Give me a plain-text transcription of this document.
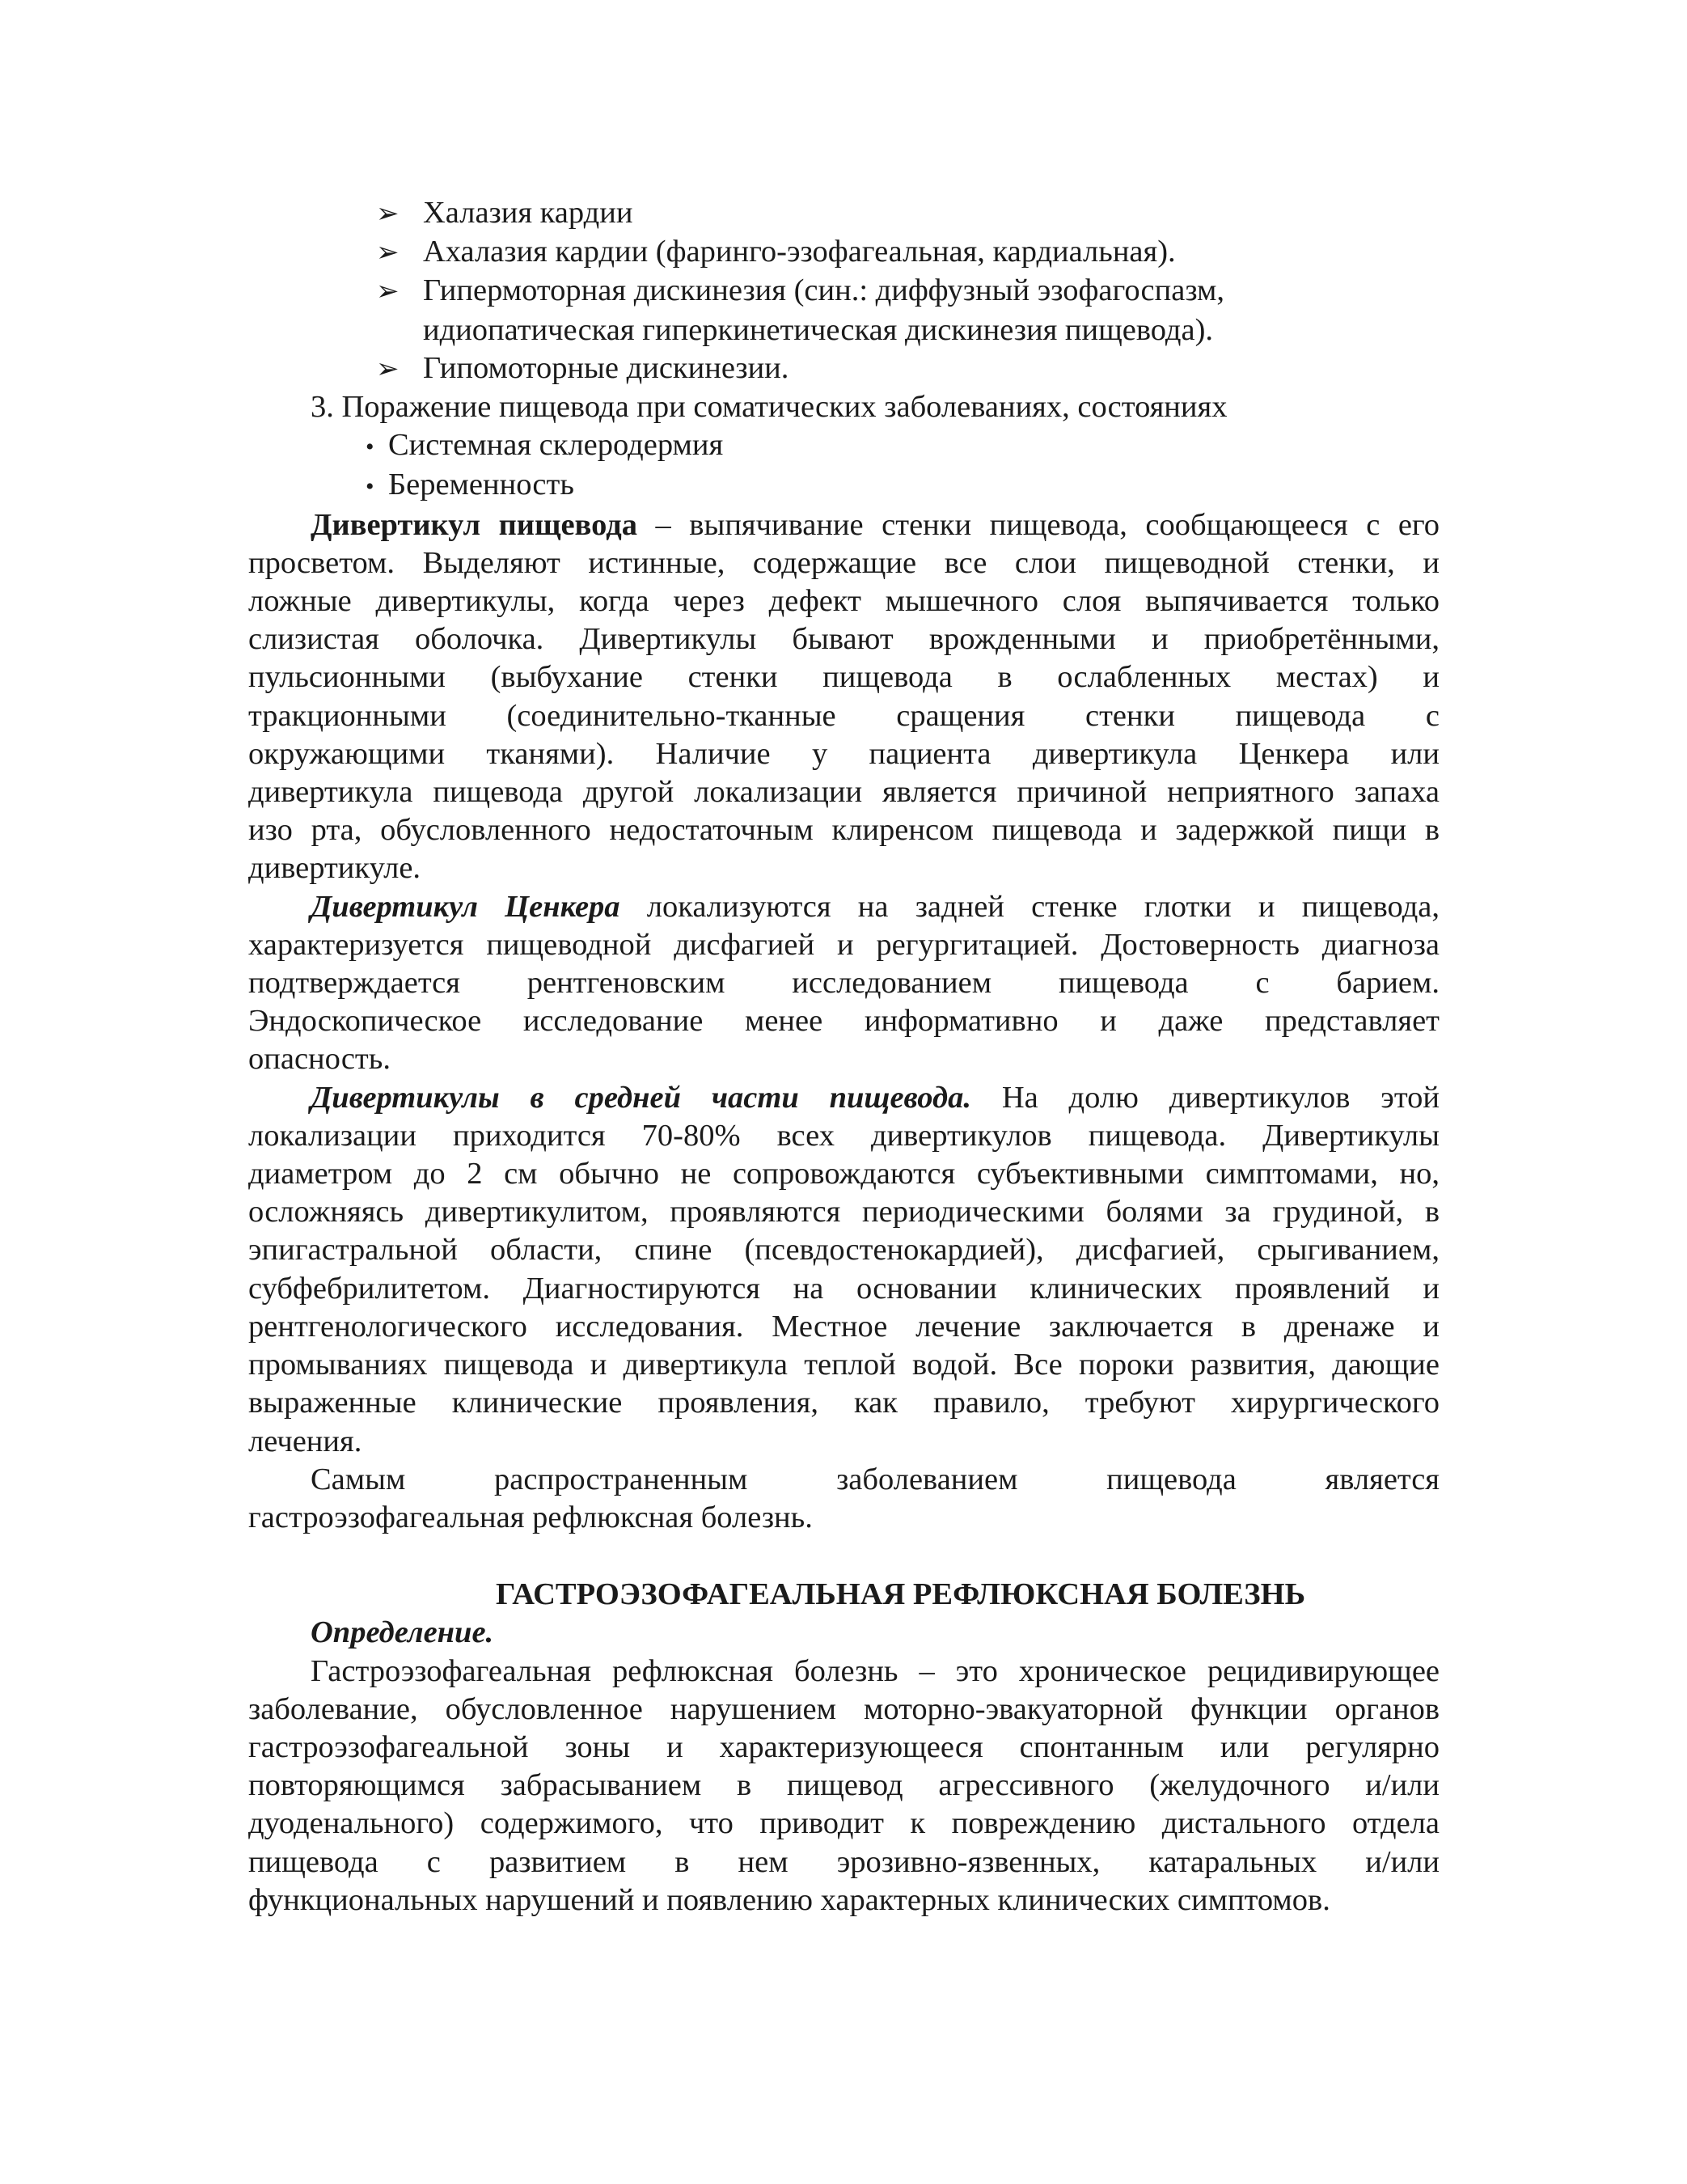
➢ Халазия кардии
➢ Ахалазия кардии (фаринго-эзофагеальная, кардиальная).
➢ Гипермоторная дискинезия (син.: диффузный эзофагоспазм,
идиопатическая гиперкинетическая дискинезия пищевода).
➢ Гипомоторные дискинезии.
3. Поражение пищевода при соматических заболеваниях, состояниях
• Системная склеродермия
• Беременность
Дивертикул пищевода – выпячивание стенки пищевода, сообщающееся с его
просветом. Выделяют истинные, содержащие все слои пищеводной стенки, и
ложные дивертикулы, когда через дефект мышечного слоя выпячивается только
слизистая оболочка. Дивертикулы бывают врожденными и приобретёнными,
пульсионными (выбухание стенки пищевода в ослабленных местах) и
тракционными (соединительно-тканные сращения стенки пищевода с
окружающими тканями). Наличие у пациента дивертикула Ценкера или
дивертикула пищевода другой локализации является причиной неприятного запаха
изо рта, обусловленного недостаточным клиренсом пищевода и задержкой пищи в
дивертикуле.
Дивертикул Ценкера локализуются на задней стенке глотки и пищевода,
характеризуется пищеводной дисфагией и регургитацией. Достоверность диагноза
подтверждается рентгеновским исследованием пищевода с барием.
Эндоскопическое исследование менее информативно и даже представляет
опасность.
Дивертикулы в средней части пищевода. На долю дивертикулов этой
локализации приходится 70-80% всех дивертикулов пищевода. Дивертикулы
диаметром до 2 см обычно не сопровождаются субъективными симптомами, но,
осложняясь дивертикулитом, проявляются периодическими болями за грудиной, в
эпигастральной области, спине (псевдостенокардией), дисфагией, срыгиванием,
субфебрилитетом. Диагностируются на основании клинических проявлений и
рентгенологического исследования. Местное лечение заключается в дренаже и
промываниях пищевода и дивертикула теплой водой. Все пороки развития, дающие
выраженные клинические проявления, как правило, требуют хирургического
лечения.
Самым распространенным заболеванием пищевода является
гастроэзофагеальная рефлюксная болезнь.
ГАСТРОЭЗОФАГЕАЛЬНАЯ РЕФЛЮКСНАЯ БОЛЕЗНЬ
Определение.
Гастроэзофагеальная рефлюксная болезнь – это хроническое рецидивирующее
заболевание, обусловленное нарушением моторно-эвакуаторной функции органов
гастроэзофагеальной зоны и характеризующееся спонтанным или регулярно
повторяющимся забрасыванием в пищевод агрессивного (желудочного и/или
дуоденального) содержимого, что приводит к повреждению дистального отдела
пищевода с развитием в нем эрозивно-язвенных, катаральных и/или
функциональных нарушений и появлению характерных клинических симптомов.
